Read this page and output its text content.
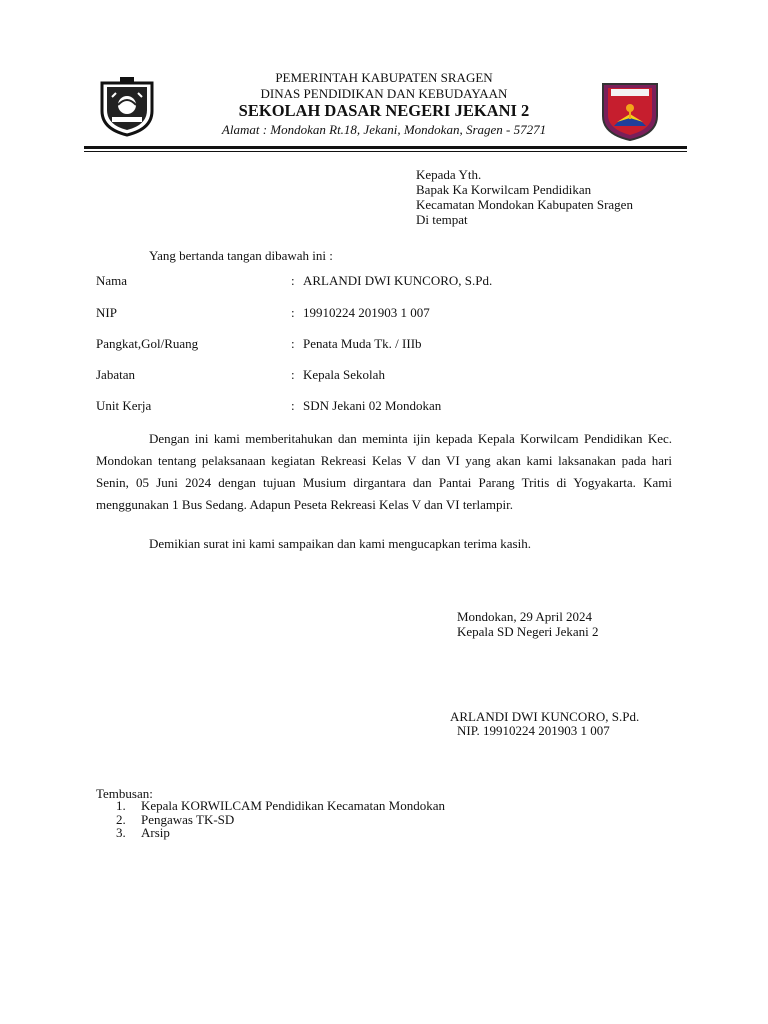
PEMERINTAH KABUPATEN SRAGEN
DINAS PENDIDIKAN DAN KEBUDAYAAN
SEKOLAH DASAR NEGERI JEKANI 2
Alamat : Mondokan Rt.18, Jekani, Mondokan, Sragen - 57271
Kepada Yth.
Bapak Ka Korwilcam Pendidikan
Kecamatan Mondokan Kabupaten Sragen
Di tempat
Yang bertanda tangan dibawah ini :
Nama	: ARLANDI DWI KUNCORO, S.Pd.
NIP	: 19910224 201903 1 007
Pangkat,Gol/Ruang	: Penata Muda Tk. / IIIb
Jabatan	: Kepala Sekolah
Unit Kerja	: SDN Jekani 02 Mondokan
Dengan ini kami memberitahukan dan meminta ijin kepada Kepala Korwilcam Pendidikan Kec. Mondokan tentang pelaksanaan kegiatan Rekreasi Kelas V dan VI yang akan kami laksanakan pada hari Senin, 05 Juni 2024 dengan tujuan Musium dirgantara dan Pantai Parang Tritis di Yogyakarta. Kami menggunakan 1 Bus Sedang. Adapun Peseta Rekreasi Kelas V dan VI terlampir.
Demikian surat ini kami sampaikan dan kami mengucapkan terima kasih.
Mondokan, 29 April 2024
Kepala SD Negeri Jekani 2
ARLANDI DWI KUNCORO, S.Pd.
NIP. 19910224 201903 1 007
Tembusan:
1. Kepala KORWILCAM Pendidikan Kecamatan Mondokan
2. Pengawas TK-SD
3. Arsip
